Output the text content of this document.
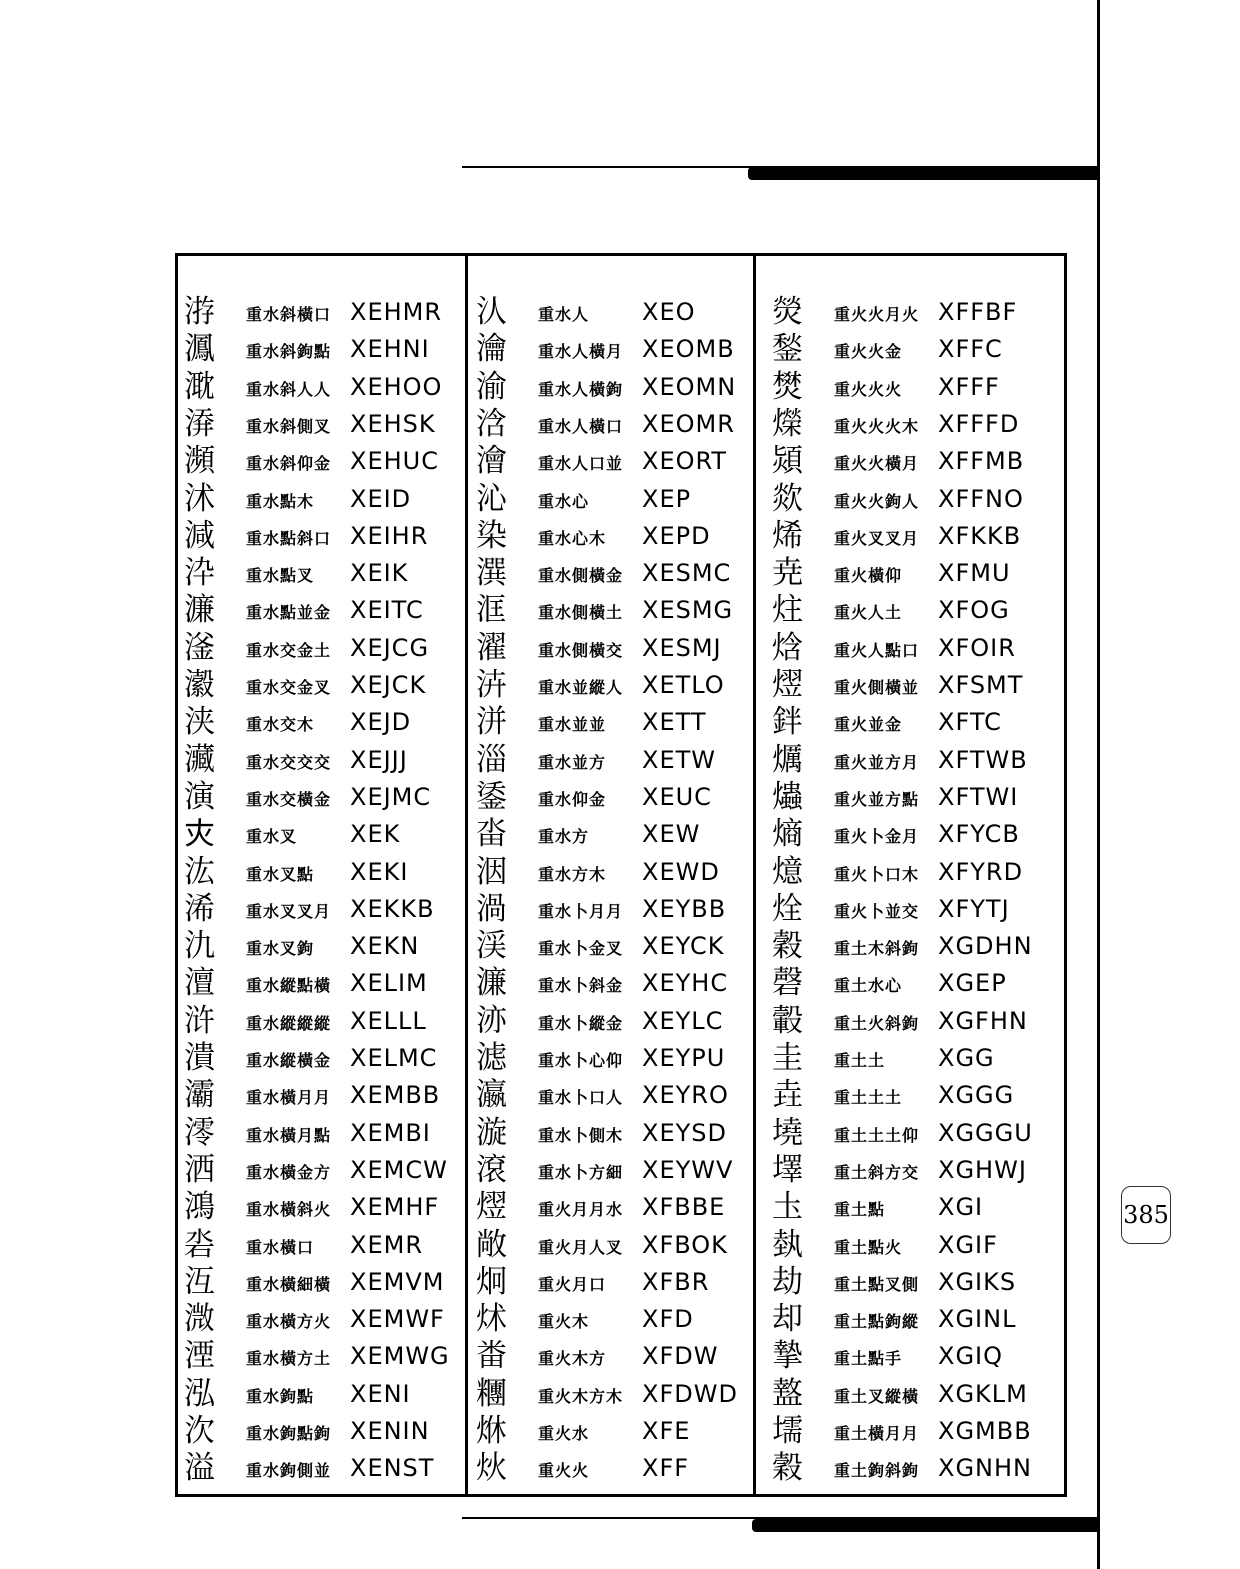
㳺 重水斜橫口 XEHMR
㵯 重水斜鉤點 XEHNI
㴷 重水斜人人 XEHOO
㴁 重水斜側叉 XEHSK
瀕 重水斜仰金 XEHUC
沭 重水點木 XEID
減 重水點斜口 XEIHR
㳃 重水點叉 XEIK
濂 重水點並金 XEITC
滏 重水交金土 XEJCG
瀫 重水交金叉 XEJCK
浃 重水交木 XEJD
㶓 重水交交交 XEJJJ
演 重水交橫金 XEJMC
𡗜 重水叉 XEK
汯 重水叉點 XEKI
浠 重水叉叉月 XEKKB
氿 重水叉鉤 XEKN
澶 重水縱點橫 XELIM
浒 重水縱縱縱 XELLL
潰 重水縱橫金 XELMC
灞 重水橫月月 XEMBB
澪 重水橫月點 XEMBI
洒 重水橫金方 XEMCW
鴻 重水橫斜火 XEMHF
沯 重水橫口 XEMR
沍 重水橫細橫 XEMVM
溦 重水橫方火 XEMWF
湮 重水橫方土 XEMWG
泓 重水鉤點 XENI
㳄 重水鉤點鉤 XENIN
溢 重水鉤側並 XENST
汄 重水人 XEO
瀹 重水人橫月 XEOMB
渝 重水人橫鉤 XEOMN
浛 重水人橫口 XEOMR
澮 重水人口並 XEORT
沁 重水心 XEP
染 重水心木 XEPD
潠 重水側橫金 XESMC
洭 重水側橫土 XESMG
濯 重水側橫交 XESMJ
泋 重水並縱人 XETLO
洴 重水並並 XETT
淄 重水並方 XETW
鋈 重水仰金 XEUC
畓 重水方 XEW
洇 重水方木 XEWD
渦 重水卜月月 XEYBB
渓 重水卜金叉 XEYCK
濂 重水卜斜金 XEYHC
洂 重水卜縱金 XEYLC
滤 重水卜心仰 XEYPU
瀛 重水卜口人 XEYRO
漩 重水卜側木 XEYSD
滾 重水卜方細 XEYWV
熤 重火月月水 XFBBE
敞 重火月人叉 XFBOK
炯 重火月口 XFBR
炢 重火木 XFD
畨 重火木方 XFDW
糰 重火木方木 XFDWD
烌 重火水 XFE
炏 重火火 XFF
熒 重火火月火 XFFBF
鍫 重火火金 XFFC
燓 重火火火 XFFF
爃 重火火火木 XFFFD
熲 重火火橫月 XFFMB
欻 重火火鉤人 XFFNO
烯 重火叉叉月 XFKKB
尭 重火橫仰 XFMU
炷 重火人土 XFOG
焓 重火人點口 XFOIR
熤 重火側橫並 XFSMT
鉡 重火並金 XFTC
爄 重火並方月 XFTWB
爞 重火並方點 XFTWI
熵 重火卜金月 XFYCB
燱 重火卜口木 XFYRD
烇 重火卜並交 XFYTJ
穀 重土木斜鉤 XGDHN
磬 重土水心 XGEP
轂 重土火斜鉤 XGFHN
圭 重土土 XGG
垚 重土土土 XGGG
墝 重土土土仰 XGGGU
墿 重土斜方交 XGHWJ
圡 重土點 XGI
埶 重土點火 XGIF
劫 重土點叉側 XGIKS
却 重土點鉤縱 XGINL
摯 重土點手 XGIQ
盩 重土叉縱橫 XGKLM
壖 重土橫月月 XGMBB
穀 重土鉤斜鉤 XGNHN
385
